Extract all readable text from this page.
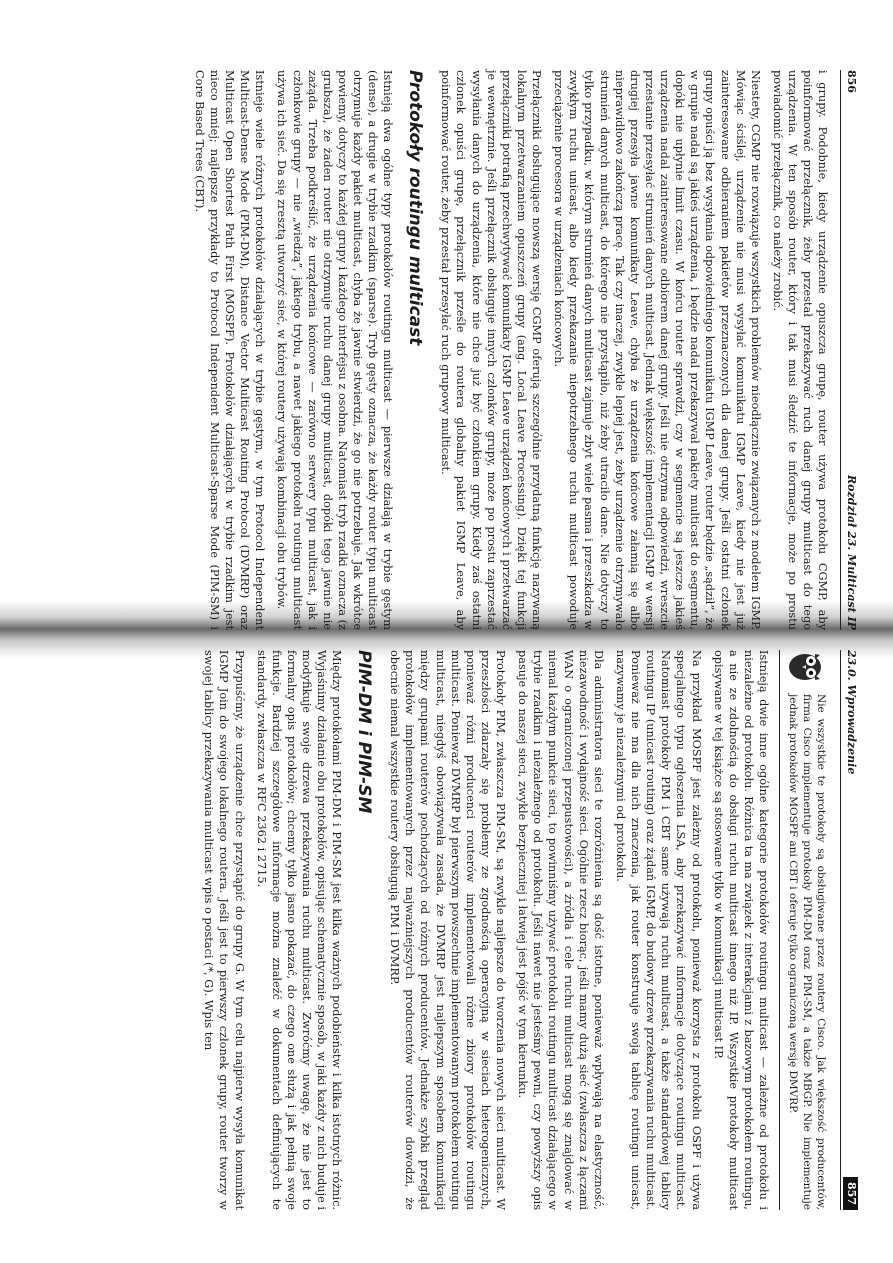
856
Rozdział 23. Multicast IP

i grupy. Podobnie, kiedy urządzenie opuszcza grupę, router używa protokołu CGMP, aby poinformować przełącznik, żeby przestał przekazywać ruch danej grupy multicast do tego urządzenia. W ten sposób router, który i tak musi śledzić te informacje, może po prostu powiadomić przełącznik, co należy zrobić.

Niestety, CGMP nie rozwiązuje wszystkich problemów nieodłącznie związanych z modelem IGMP. Mówiąc ściślej, urządzenie nie musi wysyłać komunikatu IGMP Leave, kiedy nie jest już zainteresowane odbieraniem pakietów przeznaczonych dla danej grupy. Jeśli ostatni członek grupy opuści ją bez wysyłania odpowiedniego komunikatu IGMP Leave, router będzie „sądził”, że w grupie nadal są jakieś urządzenia, i będzie nadal przekazywał pakiety multicast do segmentu, dopóki nie upłynie limit czasu. W końcu router sprawdzi, czy w segmencie są jeszcze jakieś urządzenia nadal zainteresowane odbiorem danej grupy. Jeśli nie otrzyma odpowiedzi, wreszcie przestanie przesyłać strumień danych multicast. Jednak większość implementacji IGMP w wersji drugiej przesyła jawne komunikaty Leave, chyba że urządzenia końcowe załamią się albo nieprawidłowo zakończą pracę. Tak czy inaczej, zwykle lepiej jest, żeby urządzenie otrzymywało strumień danych multicast, do którego nie przystąpiło, niż żeby utraciło dane. Nie dotyczy to tylko przypadku, w którym strumień danych multicast zajmuje zbyt wiele pasma i przeszkadza w zwykłym ruchu unicast, albo kiedy przekazanie niepotrzebnego ruchu multicast powoduje przeciążenie procesora w urządzeniach końcowych.

Przełączniki obsługujące nowszą wersję CGMP oferują szczególnie przydatną funkcję nazywaną lokalnym przetwarzaniem opuszczeń grupy (ang. Local Leave Processing). Dzięki tej funkcji przełączniki potrafią przechwytywać komunikaty IGMP Leave urządzeń końcowych i przetwarzać je wewnętrznie. Jeśli przełącznik obsługuje innych członków grupy, może po prostu zaprzestać wysyłania danych do urządzenia, które nie chce już być członkiem grupy. Kiedy zaś ostatni członek opuści grupę, przełącznik prześle do routera globalny pakiet IGMP Leave, aby poinformować router, żeby przestał przesyłać ruch grupowy multicast.

Protokoły routingu multicast

Istnieją dwa ogólne typy protokołów routingu multicast — pierwsze działają w trybie gęstym (dense), a drugie w trybie rzadkim (sparse). Tryb gęsty oznacza, że każdy router typu multicast otrzymuje każdy pakiet multicast, chyba że jawnie stwierdzi, że go nie potrzebuje. Jak wkrótce powiemy, dotyczy to każdej grupy i każdego interfejsu z osobna. Natomiast tryb rzadki oznacza (z grubsza), że żaden router nie otrzymuje ruchu danej grupy multicast, dopóki tego jawnie nie zażąda. Trzeba podkreślić, że urządzenia końcowe — zarówno serwery typu multicast, jak i członkowie grupy — nie „wiedzą”, jakiego trybu, a nawet jakiego protokołu routingu multicast używa ich sieć. Da się zresztą utworzyć sieć, w której routery używają kombinacji obu trybów.

Istnieje wiele różnych protokołów działających w trybie gęstym, w tym Protocol Independent Multicast-Dense Mode (PIM-DM), Distance Vector Multicast Routing Protocol (DVMRP) oraz Multicast Open Shortest Path First (MOSPF). Protokołów działających w trybie rzadkim jest nieco mniej; najlepsze przykłady to Protocol Independent Multicast-Sparse Mode (PIM-SM) i Core Based Trees (CBT).

23.0. Wprowadzenie
857
Nie wszystkie te protokoły są obsługiwane przez routery Cisco. Jak większość producentów, firma Cisco implementuje protokoły PIM-DM oraz PIM-SM, a także MBGP. Nie implementuje jednak protokołów MOSPF ani CBT i oferuje tylko ograniczoną wersję DMVRP.

Istnieją dwie inne ogólne kategorie protokołów routingu multicast — zależne od protokołu i niezależne od protokołu. Różnica ta ma związek z interakcjami z bazowym protokołem routingu, a nie ze zdolnością do obsługi ruchu multicast innego niż IP. Wszystkie protokoły multicast opisywane w tej książce są stosowane tylko w komunikacji multicast IP.

Na przykład MOSPF jest zależny od protokołu, ponieważ korzysta z protokołu OSPF i używa specjalnego typu ogłoszenia LSA, aby przekazywać informacje dotyczące routingu multicast. Natomiast protokoły PIM i CBT same używają ruchu multicast, a także standardowej tablicy routingu IP (unicast routing) oraz żądań IGMP, do budowy drzew przekazywania ruchu multicast. Ponieważ nie ma dla nich znaczenia, jak router konstruuje swoją tablicę routingu unicast, nazywamy je niezależnymi od protokołu.

Dla administratora sieci te rozróżnienia są dość istotne, ponieważ wpływają na elastyczność, niezawodność i wydajność sieci. Ogólnie rzecz biorąc, jeśli mamy dużą sieć (zwłaszcza z łączami WAN o ograniczonej przepustowości), a źródła i cele ruchu multicast mogą się znajdować w niemal każdym punkcie sieci, to powinniśmy używać protokołu routingu multicast działającego w trybie rzadkim i niezależnego od protokołu. Jeśli nawet nie jesteśmy pewni, czy powyższy opis pasuje do naszej sieci, zwykle bezpieczniej i łatwiej jest pójść w tym kierunku.

Protokoły PIM, zwłaszcza PIM-SM, są zwykle najlepsze do tworzenia nowych sieci multicast. W przeszłości zdarzały się problemy ze zgodnością operacyjną w sieciach heterogenicznych, ponieważ różni producenci routerów implementowali różne zbiory protokołów routingu multicast. Ponieważ DVMRP był pierwszym powszechnie implementowanym protokołem routingu multicast, niegdyś obowiązywała zasada, że DVMRP jest najlepszym sposobem komunikacji między grupami routerów pochodzących od różnych producentów. Jednakże szybki przegląd protokołów implementowanych przez najważniejszych producentów routerów dowodzi, że obecnie niemal wszystkie routery obsługują PIM i DVMRP.

PIM-DM i PIM-SM

Między protokołami PIM-DM i PIM-SM jest kilka ważnych podobieństw i kilka istotnych różnic. Wyjaśnimy działanie obu protokołów, opisując schematycznie sposób, w jaki każdy z nich buduje i modyfikuje swoje drzewa przekazywania ruchu multicast. Zwróćmy uwagę, że nie jest to formalny opis protokołów; chcemy tylko jasno pokazać, do czego one służą i jak pełnią swoje funkcje. Bardziej szczegółowe informacje można znaleźć w dokumentach definiujących te standardy, zwłaszcza w RFC 2362 i 2715.

Przypuśćmy, że urządzenie chce przystąpić do grupy G. W tym celu najpierw wysyła komunikat IGMP Join do swojego lokalnego routera. Jeśli jest to pierwszy członek grupy, router tworzy w swojej tablicy przekazywania multicast wpis o postaci (*, G). Wpis ten
